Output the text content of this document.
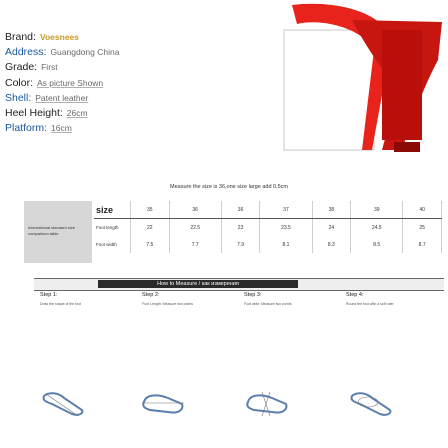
Brand: Voesnees
Address: Guangdong China
Grade: First
Color: As picture Shown
Shell: Patent leather
Heel Height: 26cm
Platform: 16cm
Measure the size is 36,one size large add 0.5cm
International standard size comparison table
size	35	36	36	37	38	39	40
Foot length	22	22.5	23	23.5	24	24.5	25
Foot width	7.5	7.7	7.9	8.1	8.3	8.5	8.7
How to Measure / как измерения
Step 1:
Draw the shape of the foot
Step 2:
Foot Length: Measure two points
Step 3:
Foot wide: Measure two points
Step 4:
Round the foot with a soft ruler
